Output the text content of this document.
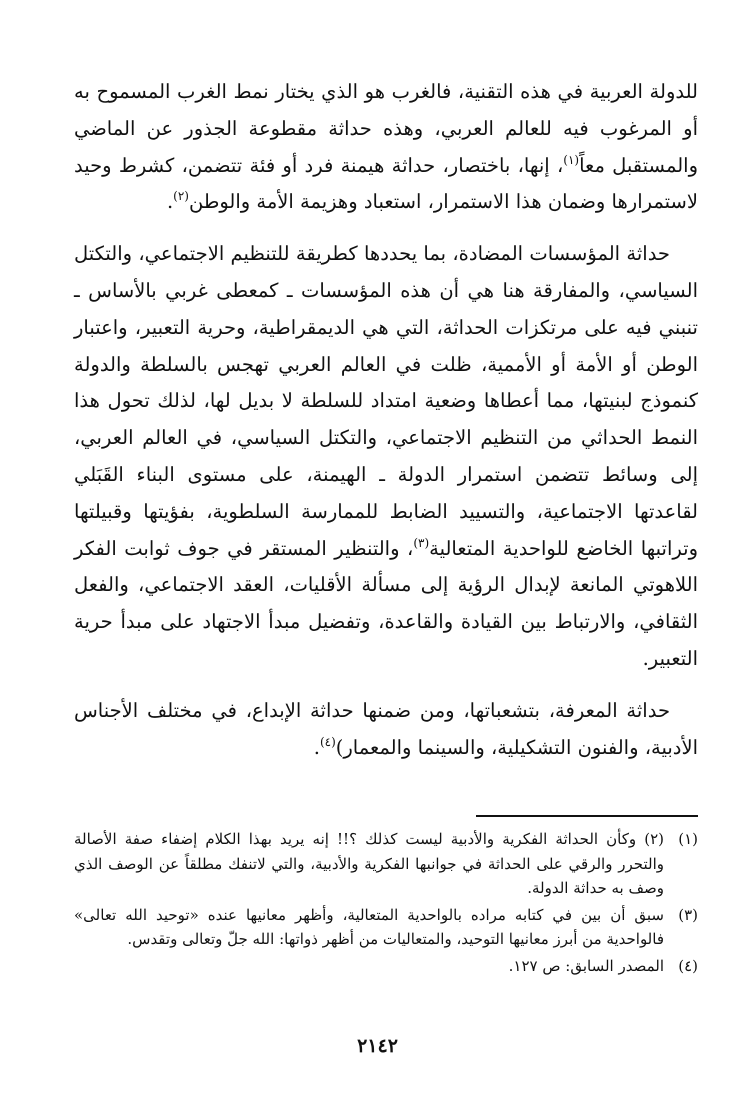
للدولة العربية في هذه التقنية، فالغرب هو الذي يختار نمط الغرب المسموح به أو المرغوب فيه للعالم العربي، وهذه حداثة مقطوعة الجذور عن الماضي والمستقبل معاً$^{(١)}$، إنها، باختصار، حداثة هيمنة فرد أو فئة تتضمن، كشرط وحيد لاستمرارها وضمان هذا الاستمرار، استعباد وهزيمة الأمة والوطن$^{(٢)}$.

حداثة المؤسسات المضادة، بما يحددها كطريقة للتنظيم الاجتماعي، والتكتل السياسي، والمفارقة هنا هي أن هذه المؤسسات ـ كمعطى غربي بالأساس ـ تنبني فيه على مرتكزات الحداثة، التي هي الديمقراطية، وحرية التعبير، واعتبار الوطن أو الأمة أو الأممية، ظلت في العالم العربي تهجس بالسلطة والدولة كنموذج لبنيتها، مما أعطاها وضعية امتداد للسلطة لا بديل لها، لذلك تحول هذا النمط الحداثي من التنظيم الاجتماعي، والتكتل السياسي، في العالم العربي، إلى وسائط تتضمن استمرار الدولة ـ الهيمنة، على مستوى البناء القَبَلي لقاعدتها الاجتماعية، والتسييد الضابط للممارسة السلطوية، بفؤيتها وقبيلتها وتراتبها الخاضع للواحدية المتعالية$^{(٣)}$، والتنظير المستقر في جوف ثوابت الفكر اللاهوتي المانعة لإبدال الرؤية إلى مسألة الأقليات، العقد الاجتماعي، والفعل الثقافي، والارتباط بين القيادة والقاعدة، وتفضيل مبدأ الاجتهاد على مبدأ حرية التعبير.

حداثة المعرفة، بتشعباتها، ومن ضمنها حداثة الإبداع، في مختلف الأجناس الأدبية، والفنون التشكيلية، والسينما والمعمار)$^{(٤)}$.

(١)
(٢) وكأن الحداثة الفكرية والأدبية ليست كذلك ؟!! إنه يريد بهذا الكلام إضفاء صفة الأصالة والتحرر والرقي على الحداثة في جوانبها الفكرية والأدبية، والتي لاتنفك مطلقاً عن الوصف الذي وصف به حداثة الدولة.
(٣)
سبق أن بين في كتابه مراده بالواحدية المتعالية، وأظهر معانيها عنده «توحيد الله تعالى» فالواحدية من أبرز معانيها التوحيد، والمتعاليات من أظهر ذواتها: الله جلّ وتعالى وتقدس.
(٤)
المصدر السابق: ص ١٢٧.
٢١٤٢
